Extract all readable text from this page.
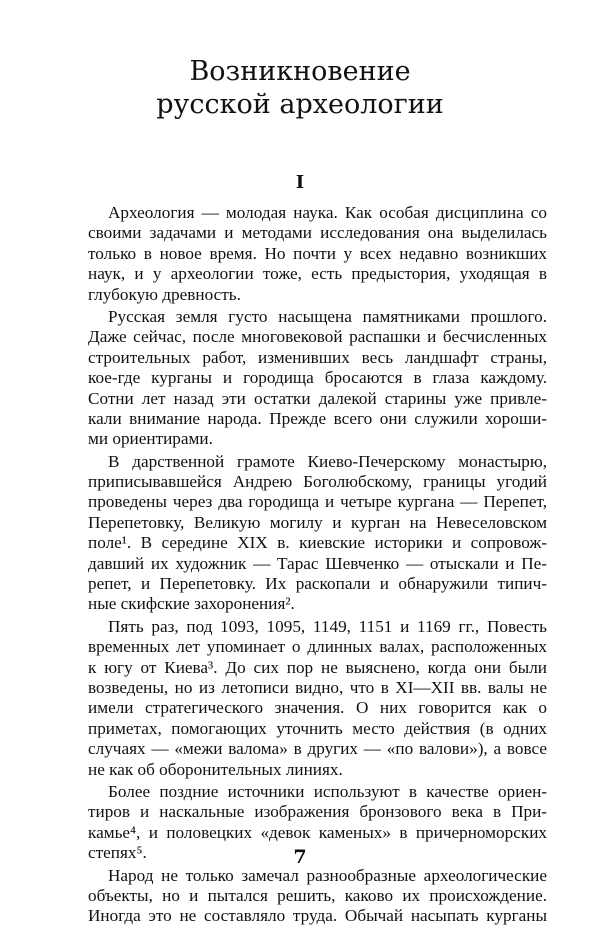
Возникновение
русской археологии
I
Археология — молодая наука. Как особая дисциплина со
своими задачами и методами исследования она выделилась
только в новое время. Но почти у всех недавно возникших
наук, и у археологии тоже, есть предыстория, уходящая в
глубокую древность.
Русская земля густо насыщена памятниками прошлого.
Даже сейчас, после многовековой распашки и бесчисленных
строительных работ, изменивших весь ландшафт страны,
кое-где курганы и городища бросаются в глаза каждому.
Сотни лет назад эти остатки далекой старины уже привле-
кали внимание народа. Прежде всего они служили хороши-
ми ориентирами.
В дарственной грамоте Киево-Печерскому монастырю,
приписывавшейся Андрею Боголюбскому, границы угодий
проведены через два городища и четыре кургана — Перепет,
Перепетовку, Великую могилу и курган на Невеселовском
поле¹. В середине XIX в. киевские историки и сопровож-
давший их художник — Тарас Шевченко — отыскали и Пе-
репет, и Перепетовку. Их раскопали и обнаружили типич-
ные скифские захоронения².
Пять раз, под 1093, 1095, 1149, 1151 и 1169 гг., Повесть
временных лет упоминает о длинных валах, расположенных
к югу от Киева³. До сих пор не выяснено, когда они были
возведены, но из летописи видно, что в XI—XII вв. валы не
имели стратегического значения. О них говорится как о
приметах, помогающих уточнить место действия (в одних
случаях — «межи валома» в других — «по валови»), а вовсе
не как об оборонительных линиях.
Более поздние источники используют в качестве ориен-
тиров и наскальные изображения бронзового века в При-
камье⁴, и половецких «девок каменых» в причерноморских
степях⁵.
Народ не только замечал разнообразные археологические
объекты, но и пытался решить, каково их происхождение.
Иногда это не составляло труда. Обычай насыпать курганы
7
